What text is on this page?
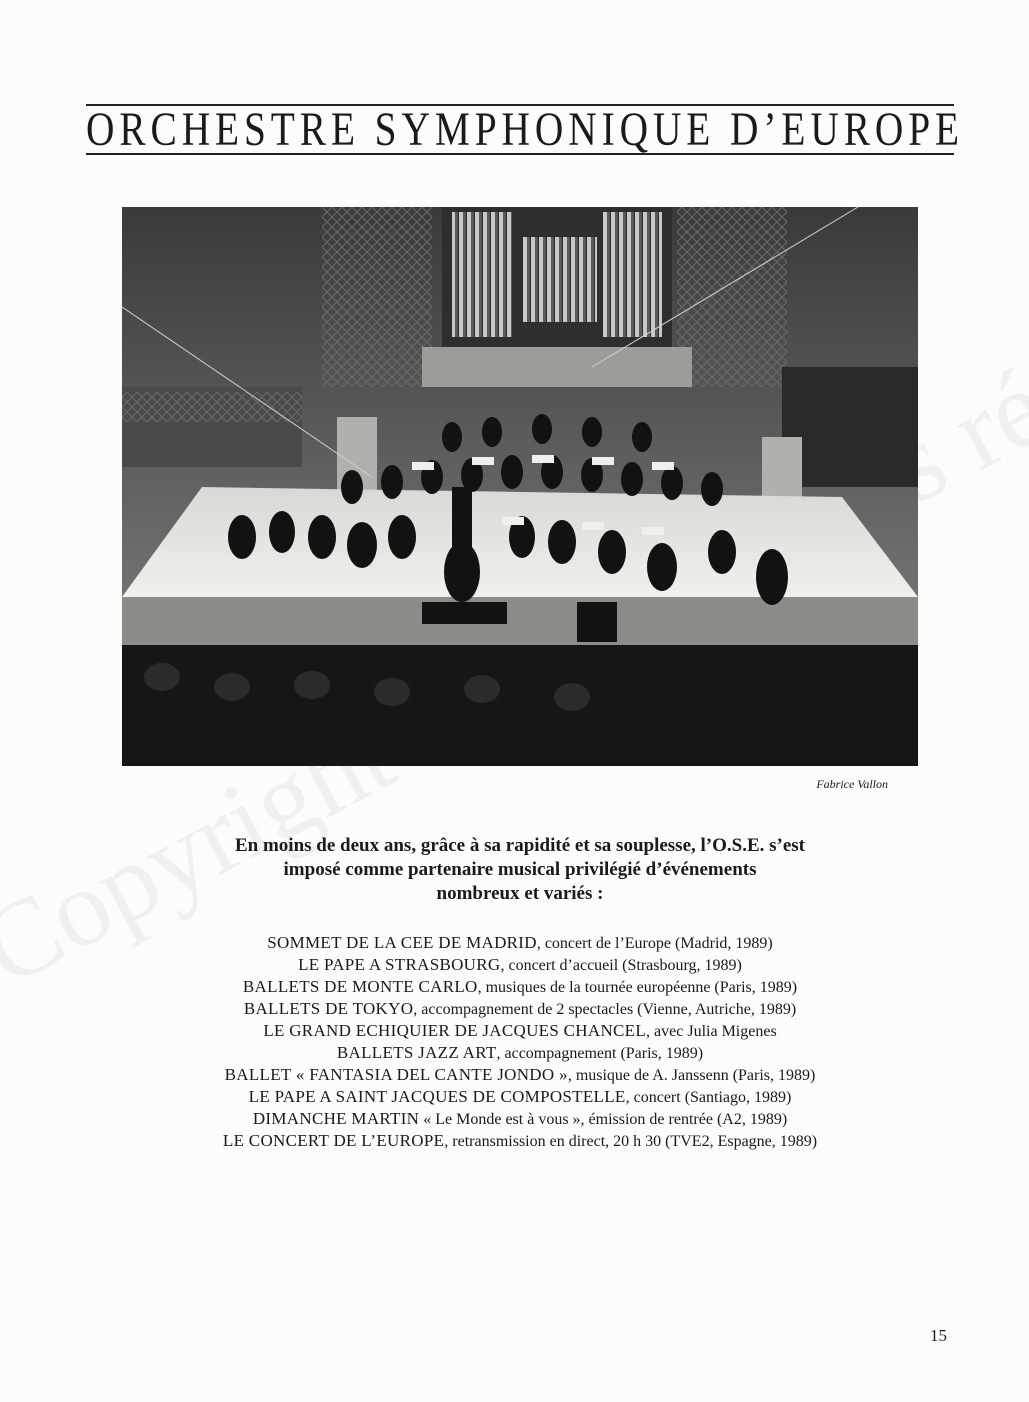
ORCHESTRE SYMPHONIQUE D’EUROPE
Fabrice Vallon

En moins de deux ans, grâce à sa rapidité et sa souplesse, l’O.S.E. s’est
imposé comme partenaire musical privilégié d’événements
nombreux et variés :

SOMMET DE LA CEE DE MADRID, concert de l’Europe (Madrid, 1989)
LE PAPE A STRASBOURG, concert d’accueil (Strasbourg, 1989)
BALLETS DE MONTE CARLO, musiques de la tournée européenne (Paris, 1989)
BALLETS DE TOKYO, accompagnement de 2 spectacles (Vienne, Autriche, 1989)
LE GRAND ECHIQUIER DE JACQUES CHANCEL, avec Julia Migenes
BALLETS JAZZ ART, accompagnement (Paris, 1989)
BALLET « FANTASIA DEL CANTE JONDO », musique de A. Janssenn (Paris, 1989)
LE PAPE A SAINT JACQUES DE COMPOSTELLE, concert (Santiago, 1989)
DIMANCHE MARTIN « Le Monde est à vous », émission de rentrée (A2, 1989)
LE CONCERT DE L’EUROPE, retransmission en direct, 20 h 30 (TVE2, Espagne, 1989)
15
